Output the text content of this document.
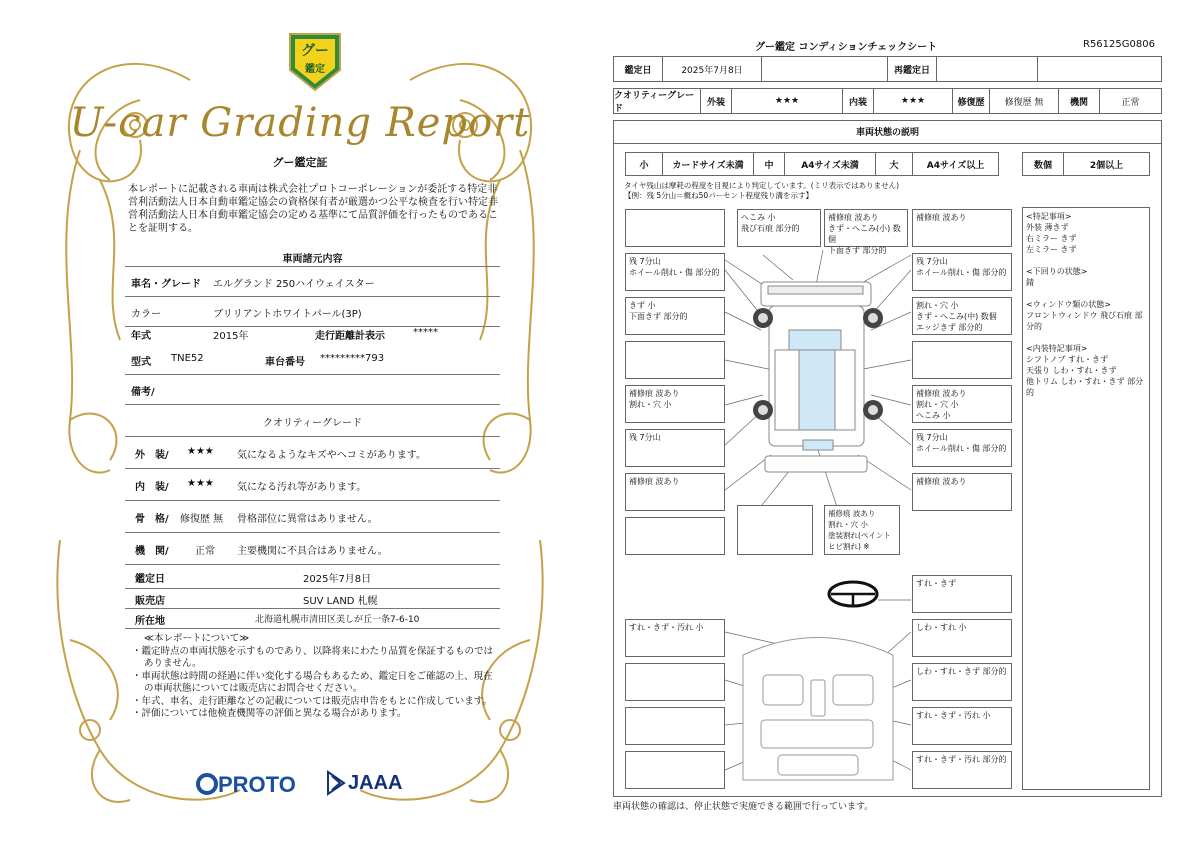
グー
鑑定
U-car Grading Report
グー鑑定証
本レポートに記載される車両は株式会社プロトコーポレーションが委託する特定非営利活動法人日本自動車鑑定協会の資格保有者が厳選かつ公平な検査を行い特定非営利活動法人日本自動車鑑定協会の定める基準にて品質評価を行ったものであることを証明する。
車両諸元内容
車名・グレード エルグランド 250ハイウェイスター
カラー	ブリリアントホワイトパール(3P)
年式	2015年	走行距離計表示	*****
型式 TNE52	車台番号 *********793
備考/
クオリティーグレード
外　装/ ★★★ 気になるようなキズやヘコミがあります。
内　装/ ★★★ 気になる汚れ等があります。
骨　格/ 修復歴 無 骨格部位に異常はありません。
機　関/	正常 主要機関に不具合はありません。
鑑定日	2025年7月8日
販売店	SUV LAND 札幌
所在地	北海道札幌市清田区美しが丘一条7-6-10
≪本レポートについて≫
・鑑定時点の車両状態を示すものであり、以降将来にわたり品質を保証するものではありません。
・車両状態は時間の経過に伴い変化する場合もあるため、鑑定日をご確認の上、現在の車両状態については販売店にお問合せください。
・年式、車名、走行距離などの記載については販売店申告をもとに作成しています。
・評価については他検査機関等の評価と異なる場合があります。
PROTO	JAAA
グー鑑定 コンディションチェックシート	R56125G0806
鑑定日	2025年7月8日	再鑑定日
クオリティーグレード
外装	★★★	内装	★★★	修復歴	修復歴 無	機関	正常
車両状態の説明
小	カードサイズ未満	中	A4サイズ未満	大	A4サイズ以上	数個	2個以上
タイヤ残山は摩耗の程度を目視により判定しています。(ミリ表示ではありません)
【例：残 5分山＝概ね50パーセント程度残り溝を示す】
へこみ 小
飛び石痕 部分的
補修痕 波あり
きず・へこみ(小) 数個
下面きず 部分的
補修痕 波あり
残 7分山
ホイール削れ・傷 部分的
残 7分山
ホイール削れ・傷 部分的
きず 小
下面きず 部分的
割れ・穴 小
きず・へこみ(中) 数個
エッジきず 部分的
補修痕 波あり
割れ・穴 小
補修痕 波あり
割れ・穴 小
へこみ 小
残 7分山	残 7分山
ホイール削れ・傷 部分的
補修痕 波あり	補修痕 波あり
補修痕 波あり
割れ・穴 小
塗装割れ(ペイントヒビ割れ) ※
すれ・きず
すれ・きず・汚れ 小	しわ・すれ 小
しわ・すれ・きず 部分的
すれ・きず・汚れ 小
すれ・きず・汚れ 部分的
<特記事項>
外装 薄きず
右ミラー きず
左ミラー きず
<下回りの状態>
錆
<ウィンドウ類の状態>
フロントウィンドウ 飛び石痕 部分的
<内装特記事項>
シフトノブ すれ・きず
天張り しわ・すれ・きず
他トリム しわ・すれ・きず 部分的
車両状態の確認は、停止状態で実施できる範囲で行っています。
